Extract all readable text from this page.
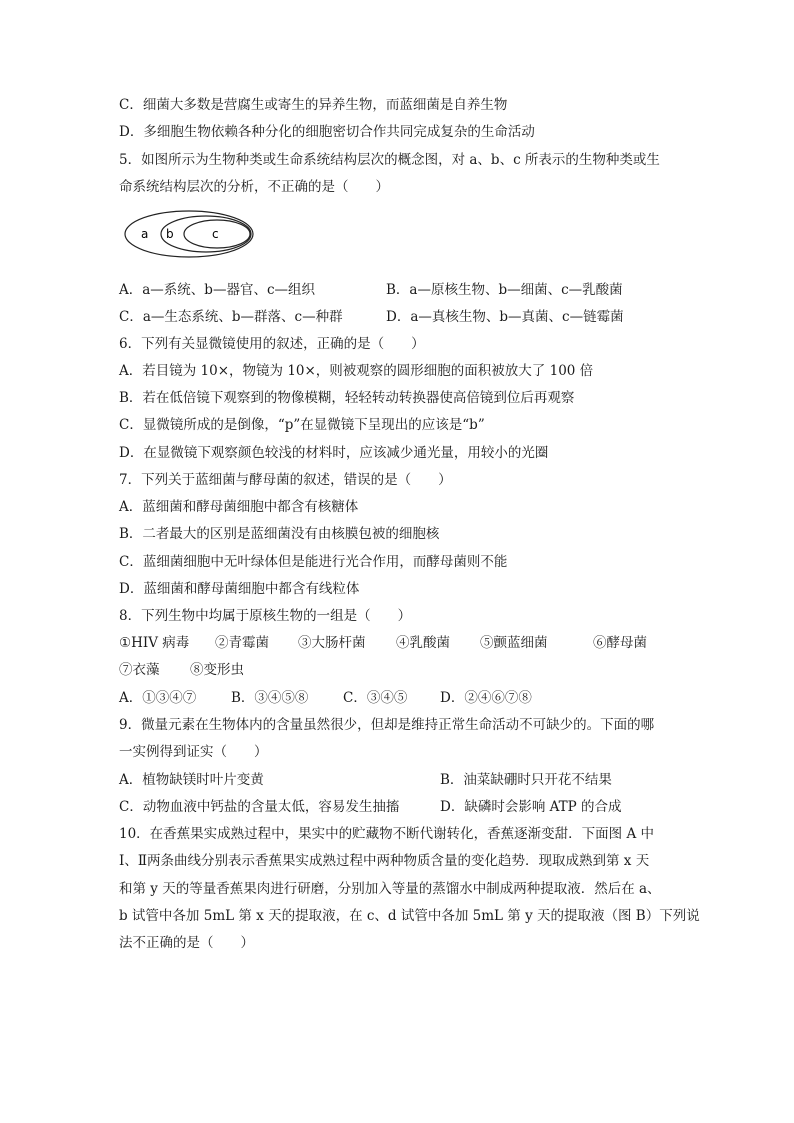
C．细菌大多数是营腐生或寄生的异养生物，而蓝细菌是自养生物
D．多细胞生物依赖各种分化的细胞密切合作共同完成复杂的生命活动
5．如图所示为生物种类或生命系统结构层次的概念图，对 a、b、c 所表示的生物种类或生
命系统结构层次的分析，不正确的是（　　）
a b	c
A．a—系统、b—器官、c—组织	B．a—原核生物、b—细菌、c—乳酸菌
C．a—生态系统、b—群落、c—种群	D．a—真核生物、b—真菌、c—链霉菌
6．下列有关显微镜使用的叙述，正确的是（　　）
A．若目镜为 10×，物镜为 10×，则被观察的圆形细胞的面积被放大了 100 倍
B．若在低倍镜下观察到的物像模糊，轻轻转动转换器使高倍镜到位后再观察
C．显微镜所成的是倒像，“p”在显微镜下呈现出的应该是“b”
D．在显微镜下观察颜色较浅的材料时，应该减少通光量，用较小的光圈
7．下列关于蓝细菌与酵母菌的叙述，错误的是（　　）
A．蓝细菌和酵母菌细胞中都含有核糖体
B．二者最大的区别是蓝细菌没有由核膜包被的细胞核
C．蓝细菌细胞中无叶绿体但是能进行光合作用，而酵母菌则不能
D．蓝细菌和酵母菌细胞中都含有线粒体
8．下列生物中均属于原核生物的一组是（　　）
①HIV 病毒 ②青霉菌 ③大肠杆菌 ④乳酸菌 ⑤颤蓝细菌	⑥酵母菌
⑦衣藻 ⑧变形虫
A．①③④⑦	B．③④⑤⑧	C．③④⑤ D．②④⑥⑦⑧
9．微量元素在生物体内的含量虽然很少，但却是维持正常生命活动不可缺少的。下面的哪
一实例得到证实（　　）
A．植物缺镁时叶片变黄	B．油菜缺硼时只开花不结果
C．动物血液中钙盐的含量太低，容易发生抽搐	D．缺磷时会影响 ATP 的合成
10．在香蕉果实成熟过程中，果实中的贮藏物不断代谢转化，香蕉逐渐变甜．下面图 A 中
Ⅰ、Ⅱ两条曲线分别表示香蕉果实成熟过程中两种物质含量的变化趋势．现取成熟到第 x 天
和第 y 天的等量香蕉果肉进行研磨，分别加入等量的蒸馏水中制成两种提取液．然后在 a、
b 试管中各加 5mL 第 x 天的提取液，在 c、d 试管中各加 5mL 第 y 天的提取液（图 B）下列说
法不正确的是（　　）
